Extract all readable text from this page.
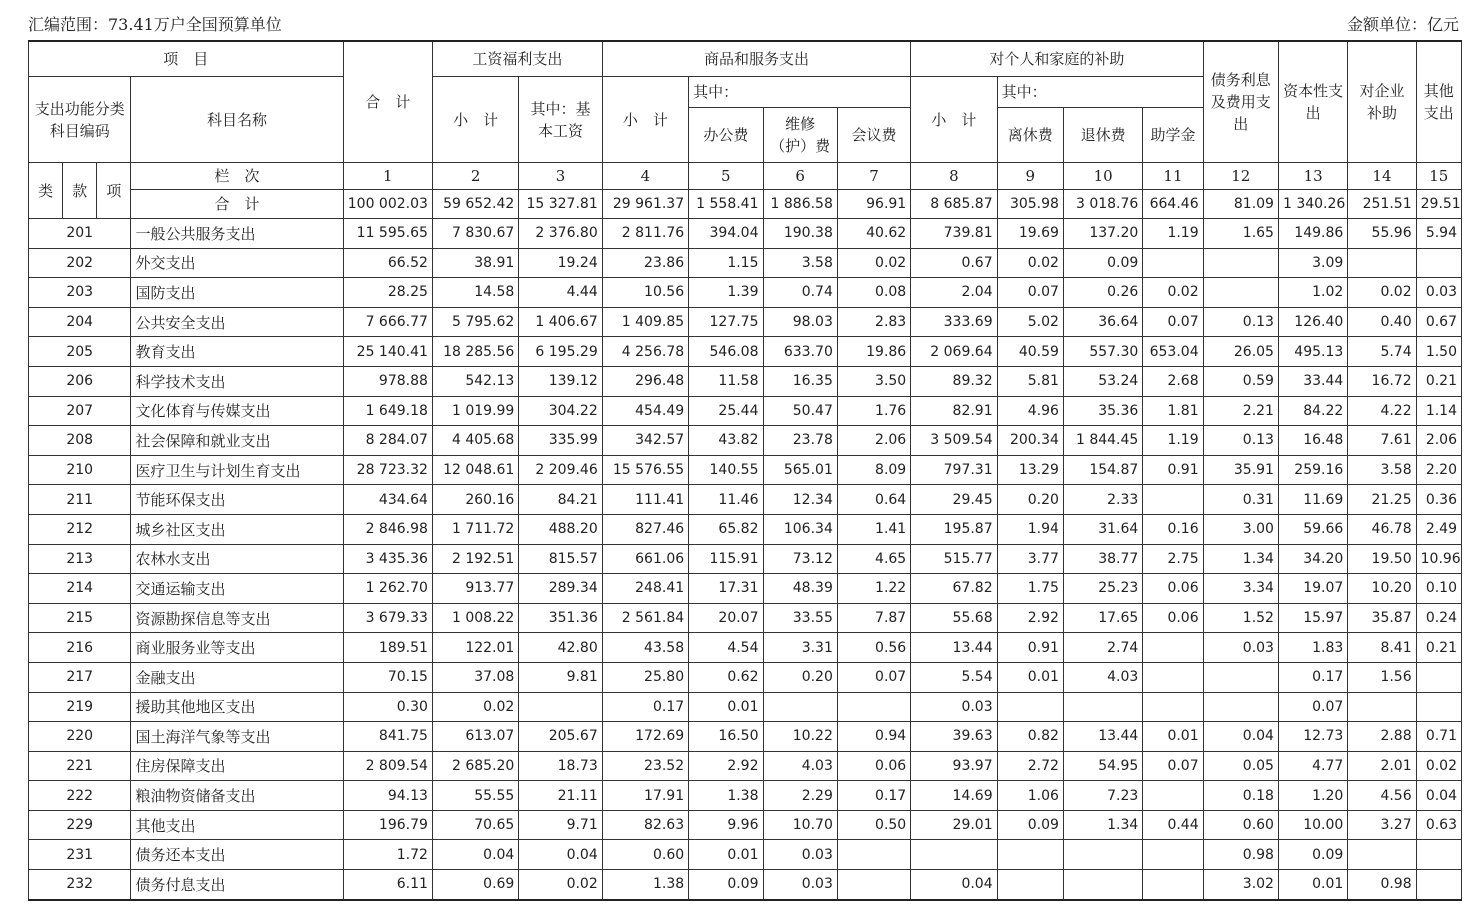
汇编范围：73.41万户全国预算单位	金额单位：亿元
项　目				合　计	工资福利支出		商品和服务支出				对个人和家庭的补助				债务利息及费用支出	资本性支出	对企业补助	其他支出
支出功能分类科目编码			科目名称		小　计	其中：基本工资	小　计	其中：			小　计	其中：						
								办公费	维修（护）费	会议费		离休费	退休费	助学金				
类	款	项	栏　次	1	2	3	4	5	6	7	8	9	10	11	12	13	14	15
			合　计	100 002.03	59 652.42	15 327.81	29 961.37	1 558.41	1 886.58	96.91	8 685.87	305.98	3 018.76	664.46	81.09	1 340.26	251.51	29.51
201			一般公共服务支出	11 595.65	7 830.67	2 376.80	2 811.76	394.04	190.38	40.62	739.81	19.69	137.20	1.19	1.65	149.86	55.96	5.94
202			外交支出	66.52	38.91	19.24	23.86	1.15	3.58	0.02	0.67	0.02	0.09			3.09		
203			国防支出	28.25	14.58	4.44	10.56	1.39	0.74	0.08	2.04	0.07	0.26	0.02		1.02	0.02	0.03
204			公共安全支出	7 666.77	5 795.62	1 406.67	1 409.85	127.75	98.03	2.83	333.69	5.02	36.64	0.07	0.13	126.40	0.40	0.67
205			教育支出	25 140.41	18 285.56	6 195.29	4 256.78	546.08	633.70	19.86	2 069.64	40.59	557.30	653.04	26.05	495.13	5.74	1.50
206			科学技术支出	978.88	542.13	139.12	296.48	11.58	16.35	3.50	89.32	5.81	53.24	2.68	0.59	33.44	16.72	0.21
207			文化体育与传媒支出	1 649.18	1 019.99	304.22	454.49	25.44	50.47	1.76	82.91	4.96	35.36	1.81	2.21	84.22	4.22	1.14
208			社会保障和就业支出	8 284.07	4 405.68	335.99	342.57	43.82	23.78	2.06	3 509.54	200.34	1 844.45	1.19	0.13	16.48	7.61	2.06
210			医疗卫生与计划生育支出	28 723.32	12 048.61	2 209.46	15 576.55	140.55	565.01	8.09	797.31	13.29	154.87	0.91	35.91	259.16	3.58	2.20
211			节能环保支出	434.64	260.16	84.21	111.41	11.46	12.34	0.64	29.45	0.20	2.33		0.31	11.69	21.25	0.36
212			城乡社区支出	2 846.98	1 711.72	488.20	827.46	65.82	106.34	1.41	195.87	1.94	31.64	0.16	3.00	59.66	46.78	2.49
213			农林水支出	3 435.36	2 192.51	815.57	661.06	115.91	73.12	4.65	515.77	3.77	38.77	2.75	1.34	34.20	19.50	10.96
214			交通运输支出	1 262.70	913.77	289.34	248.41	17.31	48.39	1.22	67.82	1.75	25.23	0.06	3.34	19.07	10.20	0.10
215			资源勘探信息等支出	3 679.33	1 008.22	351.36	2 561.84	20.07	33.55	7.87	55.68	2.92	17.65	0.06	1.52	15.97	35.87	0.24
216			商业服务业等支出	189.51	122.01	42.80	43.58	4.54	3.31	0.56	13.44	0.91	2.74		0.03	1.83	8.41	0.21
217			金融支出	70.15	37.08	9.81	25.80	0.62	0.20	0.07	5.54	0.01	4.03			0.17	1.56	
219			援助其他地区支出	0.30	0.02		0.17	0.01			0.03					0.07		
220			国土海洋气象等支出	841.75	613.07	205.67	172.69	16.50	10.22	0.94	39.63	0.82	13.44	0.01	0.04	12.73	2.88	0.71
221			住房保障支出	2 809.54	2 685.20	18.73	23.52	2.92	4.03	0.06	93.97	2.72	54.95	0.07	0.05	4.77	2.01	0.02
222			粮油物资储备支出	94.13	55.55	21.11	17.91	1.38	2.29	0.17	14.69	1.06	7.23		0.18	1.20	4.56	0.04
229			其他支出	196.79	70.65	9.71	82.63	9.96	10.70	0.50	29.01	0.09	1.34	0.44	0.60	10.00	3.27	0.63
231			债务还本支出	1.72	0.04	0.04	0.60	0.01	0.03						0.98	0.09		
232			债务付息支出	6.11	0.69	0.02	1.38	0.09	0.03		0.04				3.02	0.01	0.98	
